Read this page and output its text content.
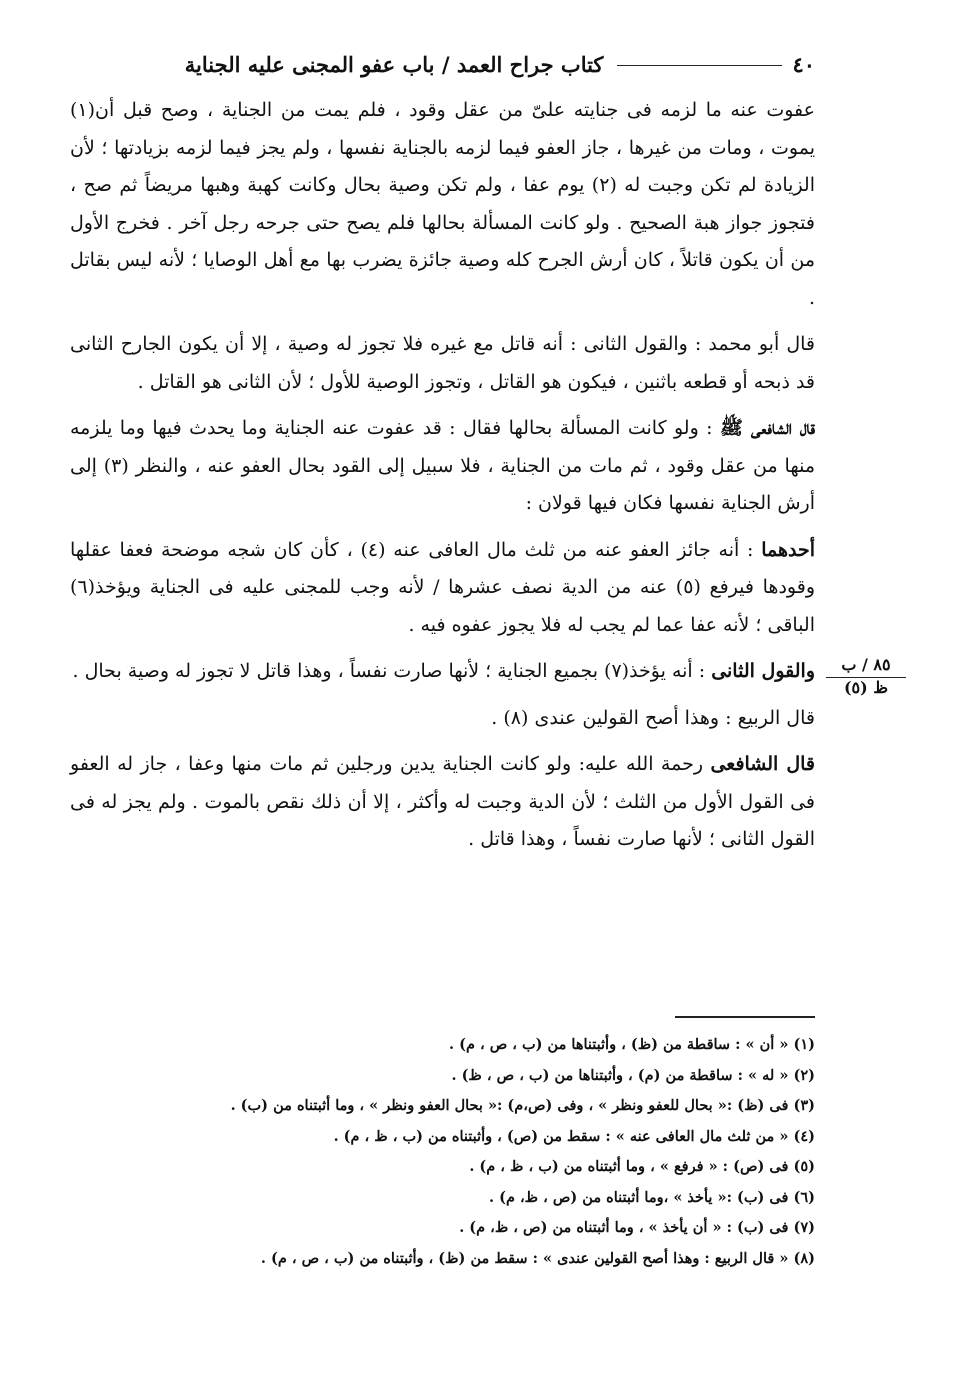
٤٠
كتاب جراح العمد / باب عفو المجنى عليه الجناية

عفوت عنه ما لزمه فى جنايته علىّ من عقل وقود ، فلم يمت من الجناية ، وصح قبل أن(١) يموت ، ومات من غيرها ، جاز العفو فيما لزمه بالجناية نفسها ، ولم يجز فيما لزمه بزيادتها ؛ لأن الزيادة لم تكن وجبت له (٢) يوم عفا ، ولم تكن وصية بحال وكانت كهبة وهبها مريضاً ثم صح ، فتجوز جواز هبة الصحيح . ولو كانت المسألة بحالها فلم يصح حتى جرحه رجل آخر . فخرج الأول من أن يكون قاتلاً ، كان أرش الجرح كله وصية جائزة يضرب بها مع أهل الوصايا ؛ لأنه ليس بقاتل .

قال أبو محمد : والقول الثانى : أنه قاتل مع غيره فلا تجوز له وصية ، إلا أن يكون الجارح الثانى قد ذبحه أو قطعه باثنين ، فيكون هو القاتل ، وتجوز الوصية للأول ؛ لأن الثانى هو القاتل .

قال الشافعى ﷺ : ولو كانت المسألة بحالها فقال : قد عفوت عنه الجناية وما يحدث فيها وما يلزمه منها من عقل وقود ، ثم مات من الجناية ، فلا سبيل إلى القود بحال العفو عنه ، والنظر (٣) إلى أرش الجناية نفسها فكان فيها قولان :

أحدهما : أنه جائز العفو عنه من ثلث مال العافى عنه (٤) ، كأن كان شجه موضحة فعفا عقلها وقودها فيرفع (٥) عنه من الدية نصف عشرها / لأنه وجب للمجنى عليه فى الجناية ويؤخذ(٦) الباقى ؛ لأنه عفا عما لم يجب له فلا يجوز عفوه فيه .

والقول الثانى : أنه يؤخذ(٧) بجميع الجناية ؛ لأنها صارت نفساً ، وهذا قاتل لا تجوز له وصية بحال .

قال الربيع : وهذا أصح القولين عندى (٨) .

قال الشافعى رحمة الله عليه: ولو كانت الجناية يدين ورجلين ثم مات منها وعفا ، جاز له العفو فى القول الأول من الثلث ؛ لأن الدية وجبت له وأكثر ، إلا أن ذلك نقص بالموت . ولم يجز له فى القول الثانى ؛ لأنها صارت نفساً ، وهذا قاتل .

٨٥ / ب
ظ (٥)
(١) « أن » : ساقطة من (ظ) ، وأثبتناها من (ب ، ص ، م) .
(٢) « له » : ساقطة من (م) ، وأثبتناها من (ب ، ص ، ظ) .
(٣) فى (ظ) :« بحال للعفو ونظر » ، وفى (ص،م) :« بحال العفو ونظر » ، وما أثبتناه من (ب) .
(٤) « من ثلث مال العافى عنه » : سقط من (ص) ، وأثبتناه من (ب ، ظ ، م) .
(٥) فى (ص) : « فرفع » ، وما أثبتناه من (ب ، ظ ، م) .
(٦) فى (ب) :« يأخذ » ،وما أثبتناه من (ص ، ظ، م) .
(٧) فى (ب) : « أن يأخذ » ، وما أثبتناه من (ص ، ظ، م) .
(٨) « قال الربيع : وهذا أصح القولين عندى » : سقط من (ظ) ، وأثبتناه من (ب ، ص ، م) .
